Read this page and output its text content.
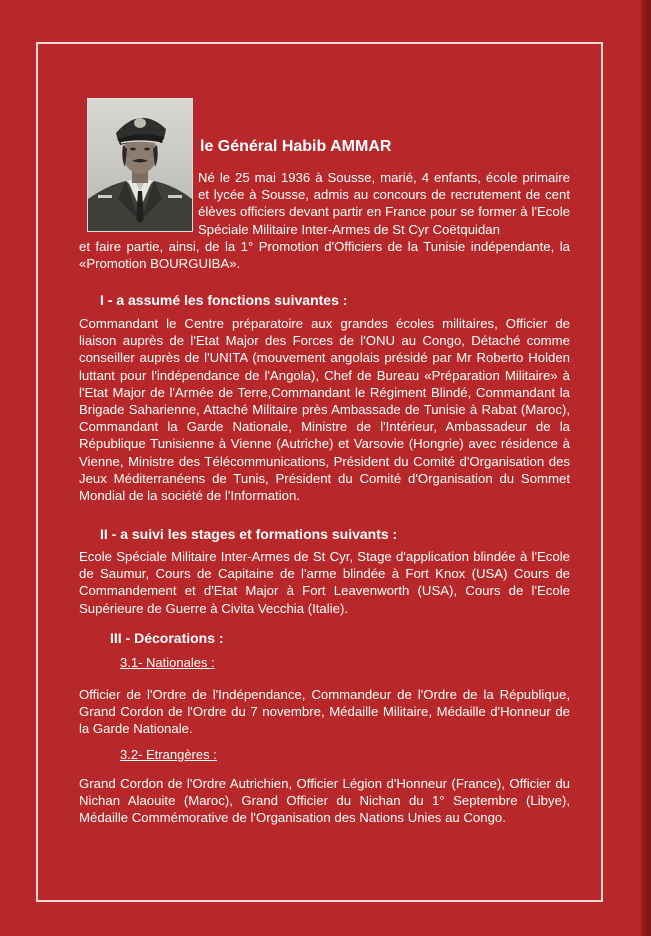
le Général Habib AMMAR
Né le 25 mai 1936 à Sousse, marié, 4 enfants, école primaire et lycée à Sousse, admis au concours de recrutement de cent élèves officiers devant partir en France pour se former à l'Ecole Spéciale Militaire Inter-Armes de St Cyr Coëtquidan
et faire partie, ainsi, de la 1° Promotion d'Officiers de la Tunisie indépendante, la «Promotion BOURGUIBA».
I - a assumé les fonctions suivantes :
Commandant le Centre préparatoire aux grandes écoles militaires, Officier de liaison auprès de l'Etat Major des Forces de l'ONU au Congo, Détaché comme conseiller auprès de l'UNITA (mouvement angolais présidé par Mr Roberto Holden luttant pour l'indépendance de l'Angola), Chef de Bureau «Préparation Militaire» à l'Etat Major de l'Armée de Terre,Commandant le Régiment Blindé, Commandant la Brigade Saharienne, Attaché Militaire près Ambassade de Tunisie à Rabat (Maroc), Commandant la Garde Nationale, Ministre de l'Intérieur, Ambassadeur de la République Tunisienne à Vienne (Autriche) et Varsovie (Hongrie) avec résidence à Vienne, Ministre des Télécommunications, Président du Comité d'Organisation des Jeux Méditerranéens de Tunis, Président du Comité d'Organisation du Sommet Mondial de la société de l'Information.
II - a suivi les stages et formations suivants :
Ecole Spéciale Militaire Inter-Armes de St Cyr, Stage d'application blindée à l'Ecole de Saumur, Cours de Capitaine de l'arme blindée à Fort Knox (USA) Cours de Commandement et d'Etat Major à Fort Leavenworth (USA), Cours de l'Ecole Supérieure de Guerre à Civita Vecchia (Italie).
III - Décorations :
3.1- Nationales :
Officier de l'Ordre de l'Indépendance, Commandeur de l'Ordre de la République, Grand Cordon de l'Ordre du 7 novembre, Médaille Militaire, Médaille d'Honneur de la Garde Nationale.
3.2- Etrangères :
Grand Cordon de l'Ordre Autrichien, Officier Légion d'Honneur (France), Officier du Nichan Alaouite (Maroc), Grand Officier du Nichan du 1° Septembre (Libye), Médaille Commémorative de l'Organisation des Nations Unies au Congo.
